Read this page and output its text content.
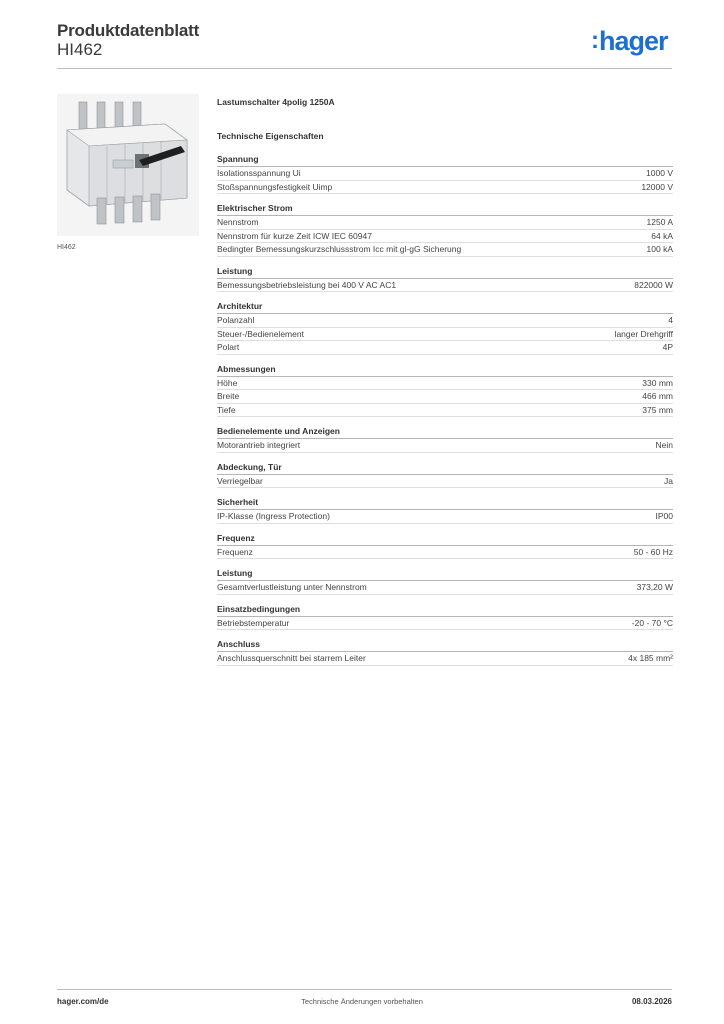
Produktdatenblatt
HI462	:hager
HI462
Lastumschalter 4polig 1250A
Technische Eigenschaften
Spannung
Isolationsspannung Ui	1000 V
Stoßspannungsfestigkeit Uimp	12000 V
Elektrischer Strom
Nennstrom	1250 A
Nennstrom für kurze Zeit ICW IEC 60947	64 kA
Bedingter Bemessungskurzschlussstrom Icc mit gl-gG Sicherung	100 kA
Leistung
Bemessungsbetriebsleistung bei 400 V AC AC1	822000 W
Architektur
Polanzahl	4
Steuer-/Bedienelement	langer Drehgriff
Polart	4P
Abmessungen
Höhe	330 mm
Breite	466 mm
Tiefe	375 mm
Bedienelemente und Anzeigen
Motorantrieb integriert	Nein
Abdeckung, Tür
Verriegelbar	Ja
Sicherheit
IP-Klasse (Ingress Protection)	IP00
Frequenz
Frequenz	50 - 60 Hz
Leistung
Gesamtverlustleistung unter Nennstrom	373,20 W
Einsatzbedingungen
Betriebstemperatur	-20 - 70 °C
Anschluss
Anschlussquerschnitt bei starrem Leiter	4x 185 mm²
Technische Änderungen vorbehalten
hager.com/de	08.03.2026
